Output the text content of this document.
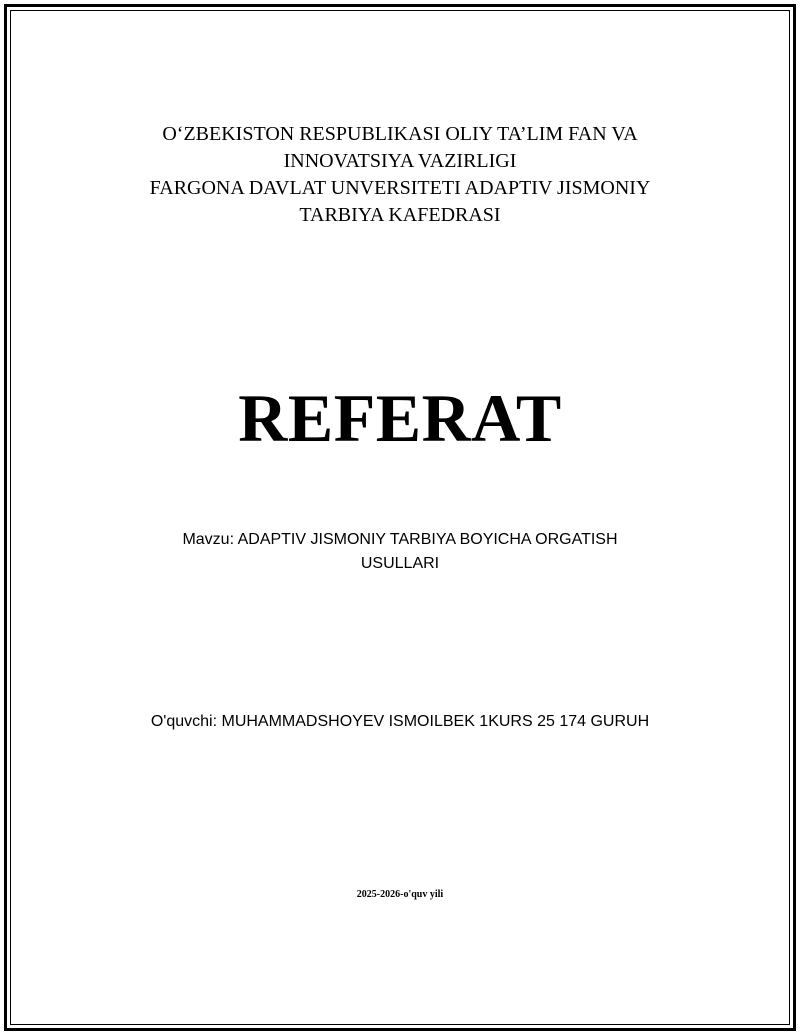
O‘ZBEKISTON RESPUBLIKASI OLIY TA’LIM FAN VA
INNOVATSIYA VAZIRLIGI
FARGONA DAVLAT UNVERSITETI ADAPTIV JISMONIY
TARBIYA KAFEDRASI
REFERAT
Mavzu: ADAPTIV JISMONIY TARBIYA BOYICHA ORGATISH
USULLARI
O'quvchi: MUHAMMADSHOYEV ISMOILBEK 1KURS 25 174 GURUH
2025-2026-o'quv yili
